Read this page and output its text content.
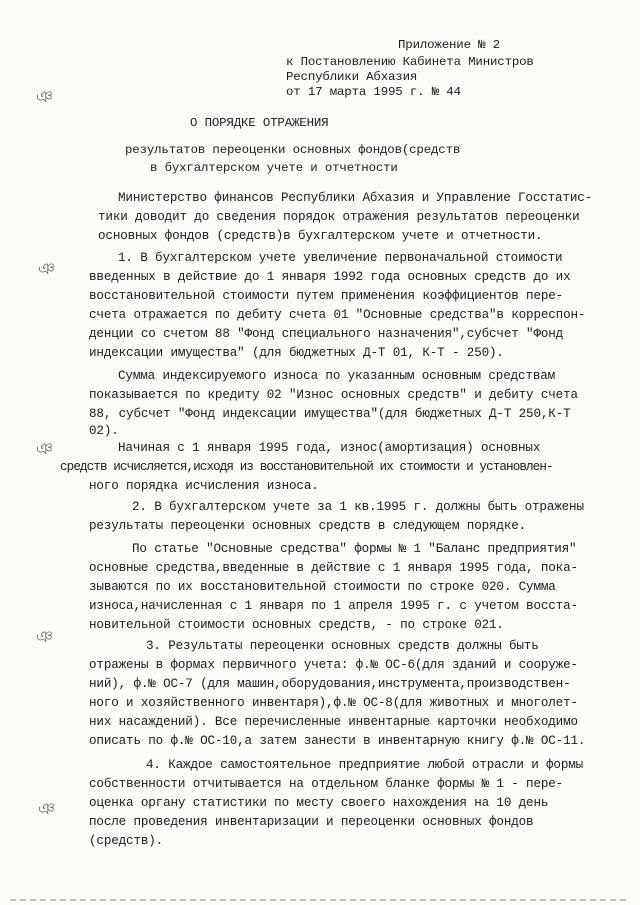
ঞ
ঞ
ঞ
ঞ
ঞ
Приложение № 2
к Постановлению Кабинета Министров
Республики Абхазия
от 17 марта 1995 г. № 44
О ПОРЯДКЕ ОТРАЖЕНИЯ
результатов переоценки основных фондов(средств
в бухгалтерском учете и отчетности
Министерство финансов Республики Абхазия и Управление Госстатис-
тики доводит до сведения порядок отражения результатов переоценки
основных фондов (средств)в бухгалтерском учете и отчетности.
1. В бухгалтерском учете увеличение первоначальной стоимости
введенных в действие до 1 января 1992 года основных средств до их
восстановительной стоимости путем применения коэффициентов пере-
счета отражается по дебиту счета 01 "Основные средства"в корреспон-
денции со счетом 88 "Фонд специального назначения",субсчет "Фонд
индексации имущества" (для бюджетных Д-Т 01, К-Т - 250).
Сумма индексируемого износа по указанным основным средствам
показывается по кредиту 02 "Износ основных средств" и дебиту счета
88, субсчет "Фонд индексации имущества"(для бюджетных Д-Т 250,К-Т
02).
Начиная с 1 января 1995 года, износ(амортизация) основных
средств исчисляется,исходя из восстановительной их стоимости и установлен-
ного порядка исчисления износа.
2. В бухгалтерском учете за 1 кв.1995 г. должны быть отражены
результаты переоценки основных средств в следующем порядке.
По статье "Основные средства" формы № 1 "Баланс предприятия"
основные средства,введенные в действие с 1 января 1995 года, пока-
зываются по их восстановительной стоимости по строке 020. Сумма
износа,начисленная с 1 января по 1 апреля 1995 г. с учетом восста-
новительной стоимости основных средств, - по строке 021.
3. Результаты переоценки основных средств должны быть
отражены в формах первичного учета: ф.№ ОС-6(для зданий и сооруже-
ний), ф.№ ОС-7 (для машин,оборудования,инструмента,производствен-
ного и хозяйственного инвентаря),ф.№ ОС-8(для животных и многолет-
них насаждений). Все перечисленные инвентарные карточки необходимо
описать по ф.№ ОС-10,а затем занести в инвентарную книгу ф.№ ОС-11.
4. Каждое самостоятельное предприятие любой отрасли и формы
собственности отчитывается на отдельном бланке формы № 1 - пере-
оценка органу статистики по месту своего нахождения на 10 день
после проведения инвентаризации и переоценки основных фондов
(средств).
